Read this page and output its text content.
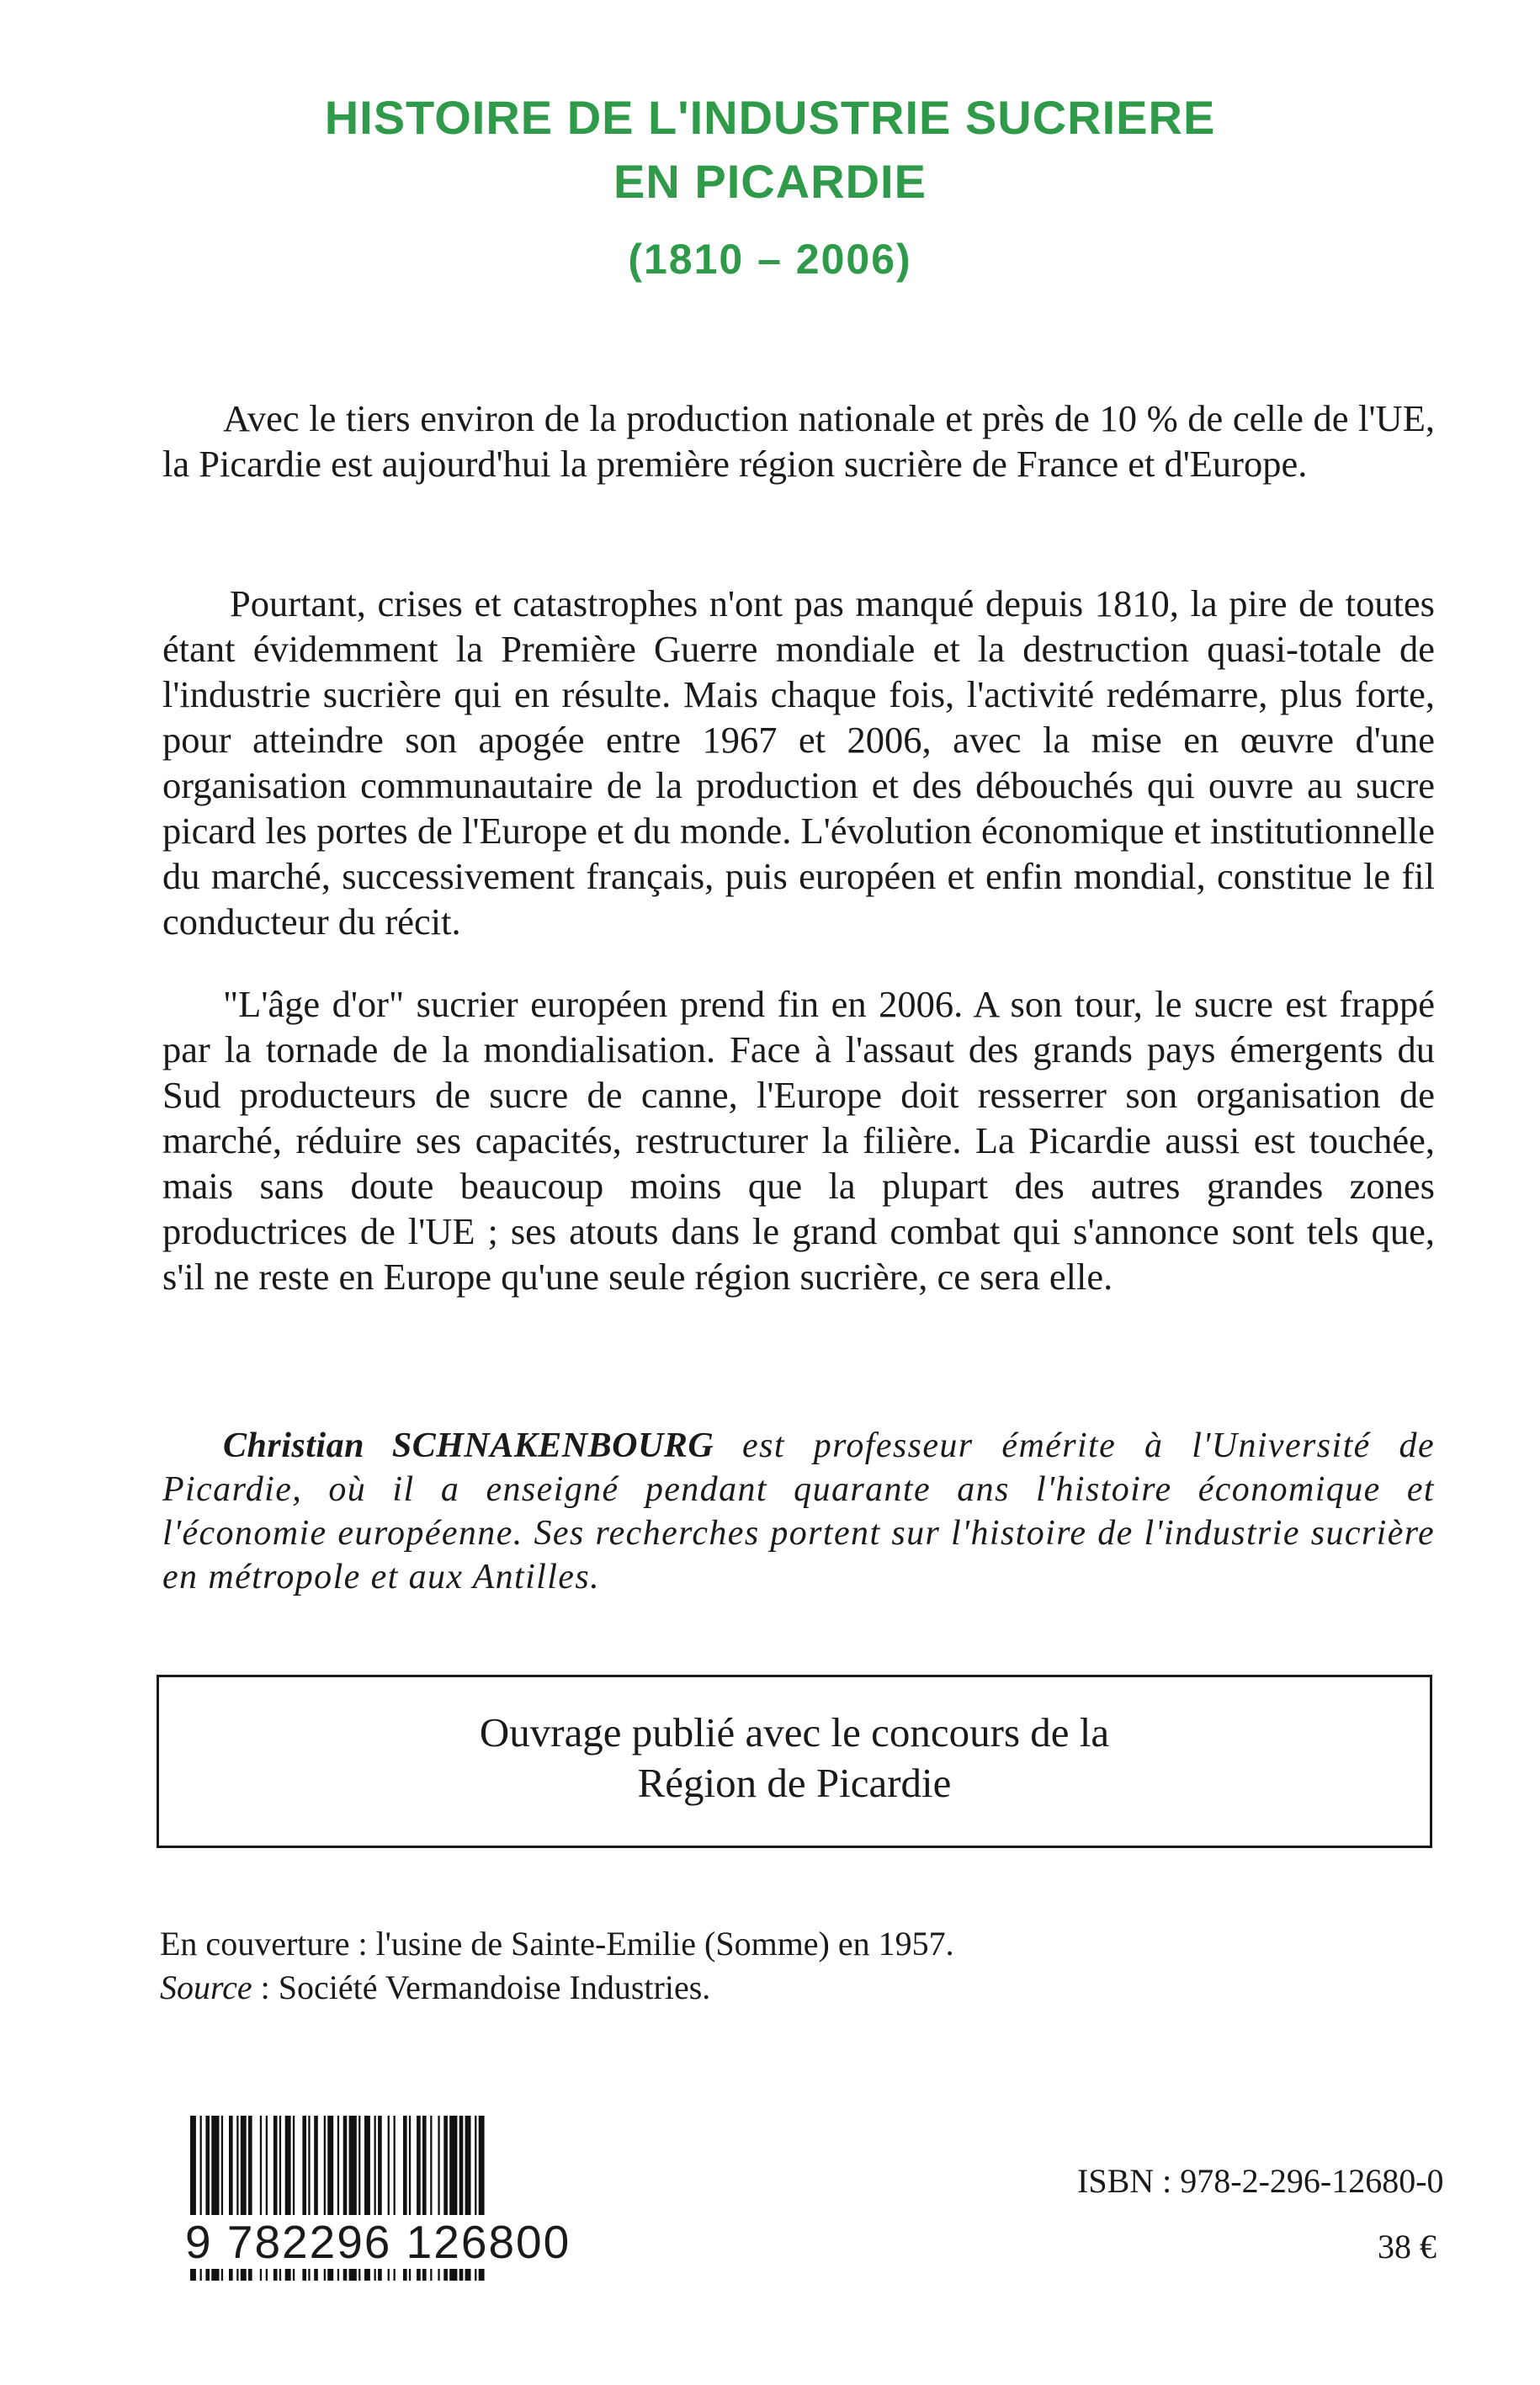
HISTOIRE DE L'INDUSTRIE SUCRIERE
EN PICARDIE
(1810 – 2006)

Avec le tiers environ de la production nationale et près de 10 % de celle de l'UE, la Picardie est aujourd'hui la première région sucrière de France et d'Europe.

Pourtant, crises et catastrophes n'ont pas manqué depuis 1810, la pire de toutes étant évidemment la Première Guerre mondiale et la destruction quasi-totale de l'industrie sucrière qui en résulte. Mais chaque fois, l'activité redémarre, plus forte, pour atteindre son apogée entre 1967 et 2006, avec la mise en œuvre d'une organisation communautaire de la production et des débouchés qui ouvre au sucre picard les portes de l'Europe et du monde. L'évolution économique et institutionnelle du marché, successivement français, puis européen et enfin mondial, constitue le fil conducteur du récit.

"L'âge d'or" sucrier européen prend fin en 2006. A son tour, le sucre est frappé par la tornade de la mondialisation. Face à l'assaut des grands pays émergents du Sud producteurs de sucre de canne, l'Europe doit resserrer son organisation de marché, réduire ses capacités, restructurer la filière. La Picardie aussi est touchée, mais sans doute beaucoup moins que la plupart des autres grandes zones productrices de l'UE ; ses atouts dans le grand combat qui s'annonce sont tels que, s'il ne reste en Europe qu'une seule région sucrière, ce sera elle.

Christian SCHNAKENBOURG est professeur émérite à l'Université de Picardie, où il a enseigné pendant quarante ans l'histoire économique et l'économie européenne. Ses recherches portent sur l'histoire de l'industrie sucrière en métropole et aux Antilles.

Ouvrage publié avec le concours de la
Région de Picardie
En couverture : l'usine de Sainte-Emilie (Somme) en 1957.
Source : Société Vermandoise Industries.
9 782296 126800
ISBN : 978-2-296-12680-0
38 €
